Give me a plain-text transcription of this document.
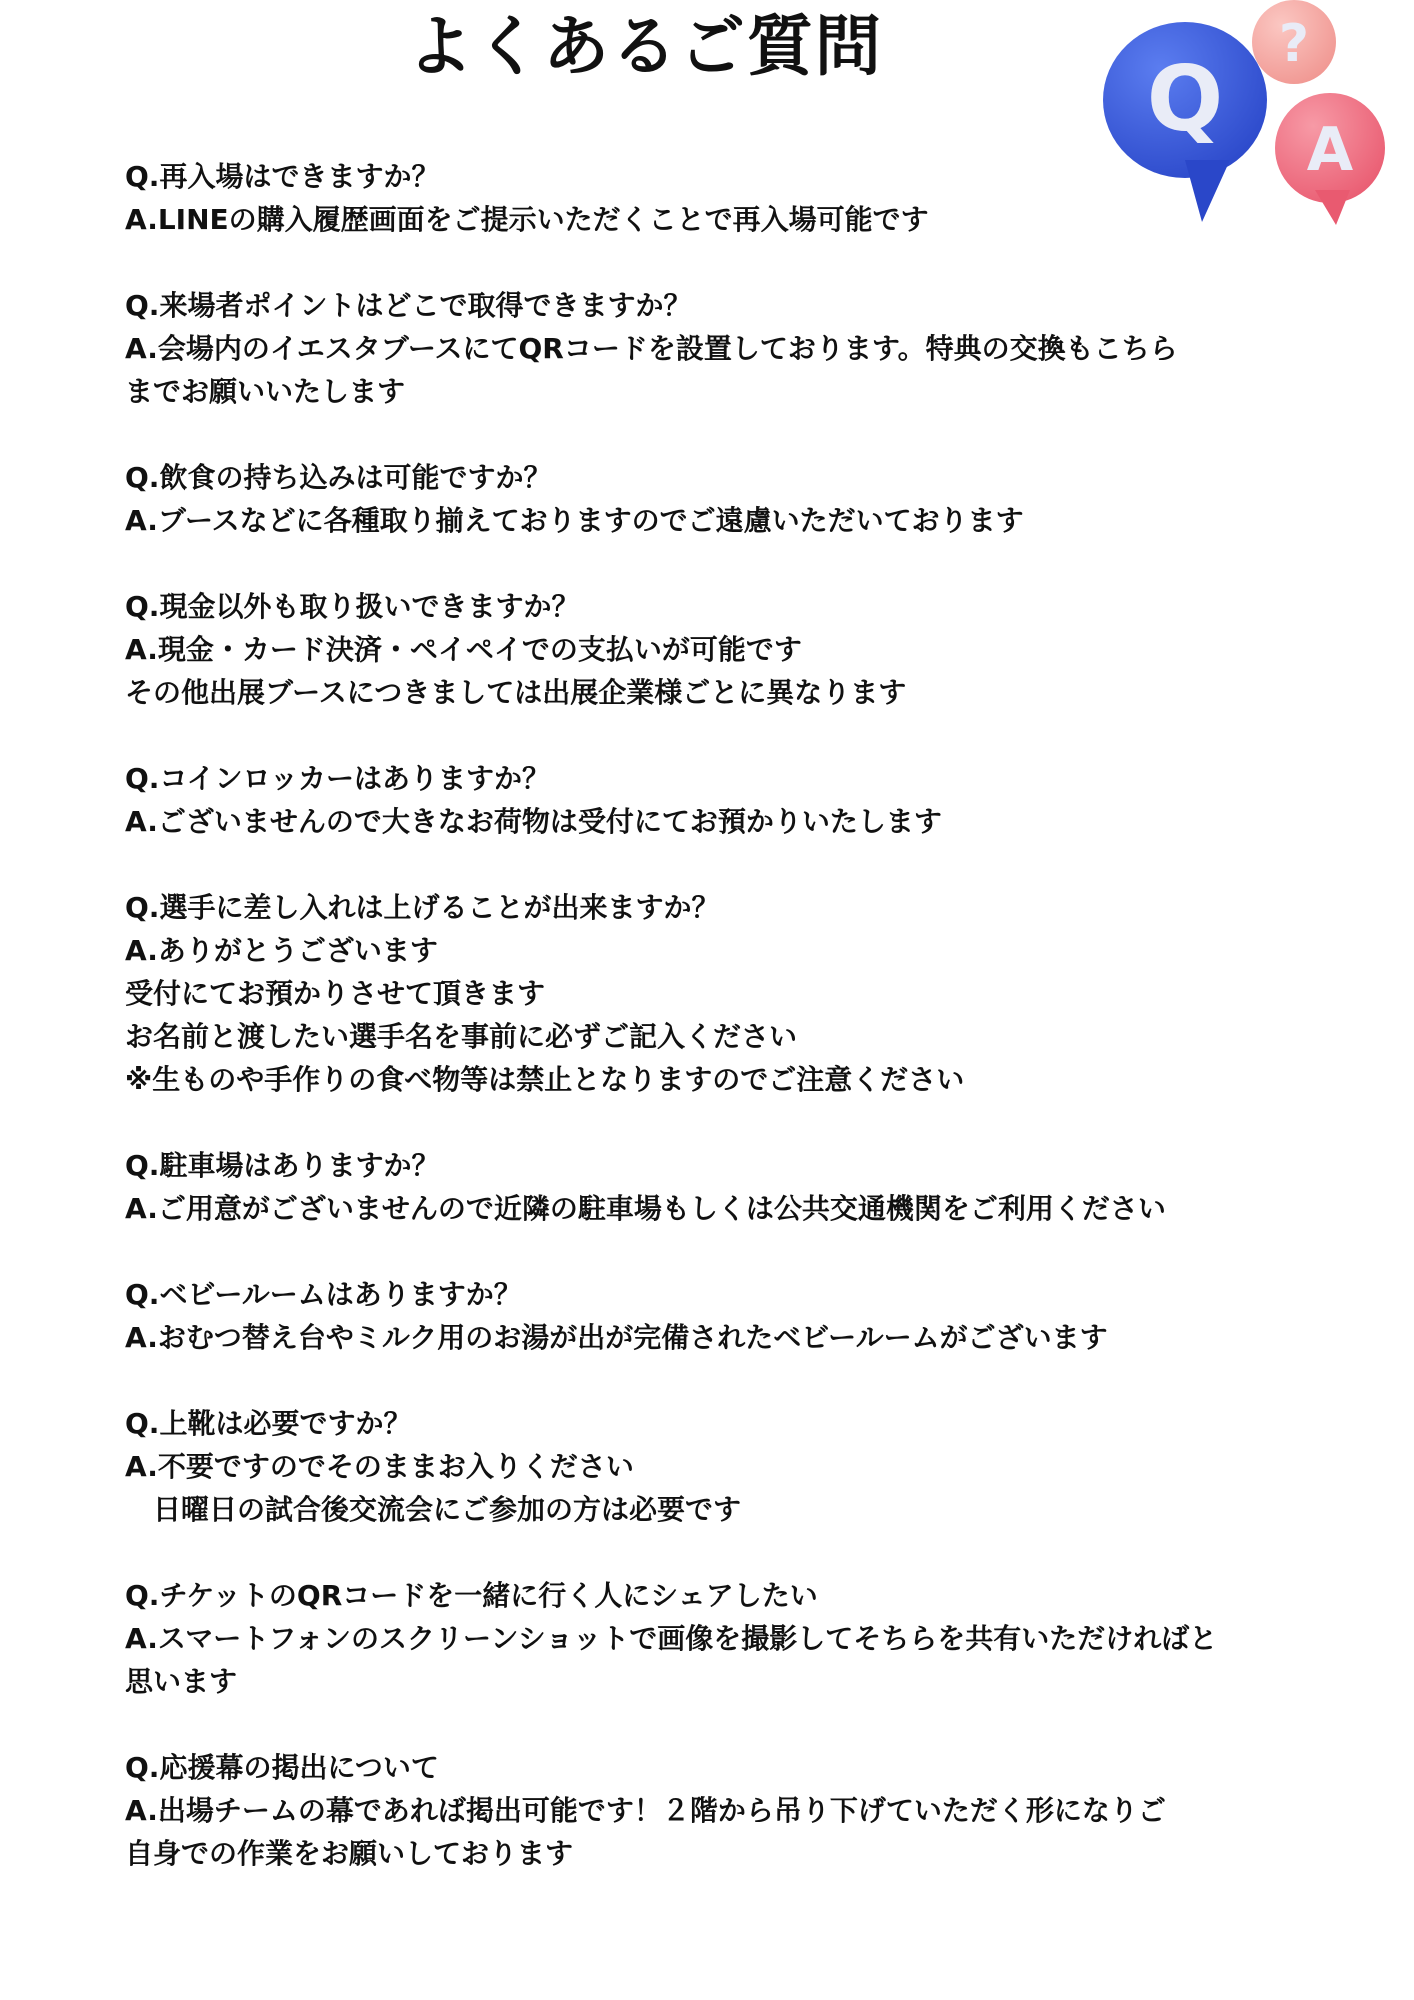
よくあるご質問
Q
?
A
Q.再入場はできますか？
A.LINEの購入履歴画面をご提示いただくことで再入場可能です
Q.来場者ポイントはどこで取得できますか？
A.会場内のイエスタブースにてQRコードを設置しております。特典の交換もこちら
までお願いいたします
Q.飲食の持ち込みは可能ですか？
A.ブースなどに各種取り揃えておりますのでご遠慮いただいております
Q.現金以外も取り扱いできますか？
A.現金・カード決済・ペイペイでの支払いが可能です
その他出展ブースにつきましては出展企業様ごとに異なります
Q.コインロッカーはありますか？
A.ございませんので大きなお荷物は受付にてお預かりいたします
Q.選手に差し入れは上げることが出来ますか？
A.ありがとうございます
受付にてお預かりさせて頂きます
お名前と渡したい選手名を事前に必ずご記入ください
※生ものや手作りの食べ物等は禁止となりますのでご注意ください
Q.駐車場はありますか？
A.ご用意がございませんので近隣の駐車場もしくは公共交通機関をご利用ください
Q.ベビールームはありますか？
A.おむつ替え台やミルク用のお湯が出が完備されたベビールームがございます
Q.上靴は必要ですか？
A.不要ですのでそのままお入りください
　日曜日の試合後交流会にご参加の方は必要です
Q.チケットのQRコードを一緒に行く人にシェアしたい
A.スマートフォンのスクリーンショットで画像を撮影してそちらを共有いただければと
思います
Q.応援幕の掲出について
A.出場チームの幕であれば掲出可能です！２階から吊り下げていただく形になりご
自身での作業をお願いしております
